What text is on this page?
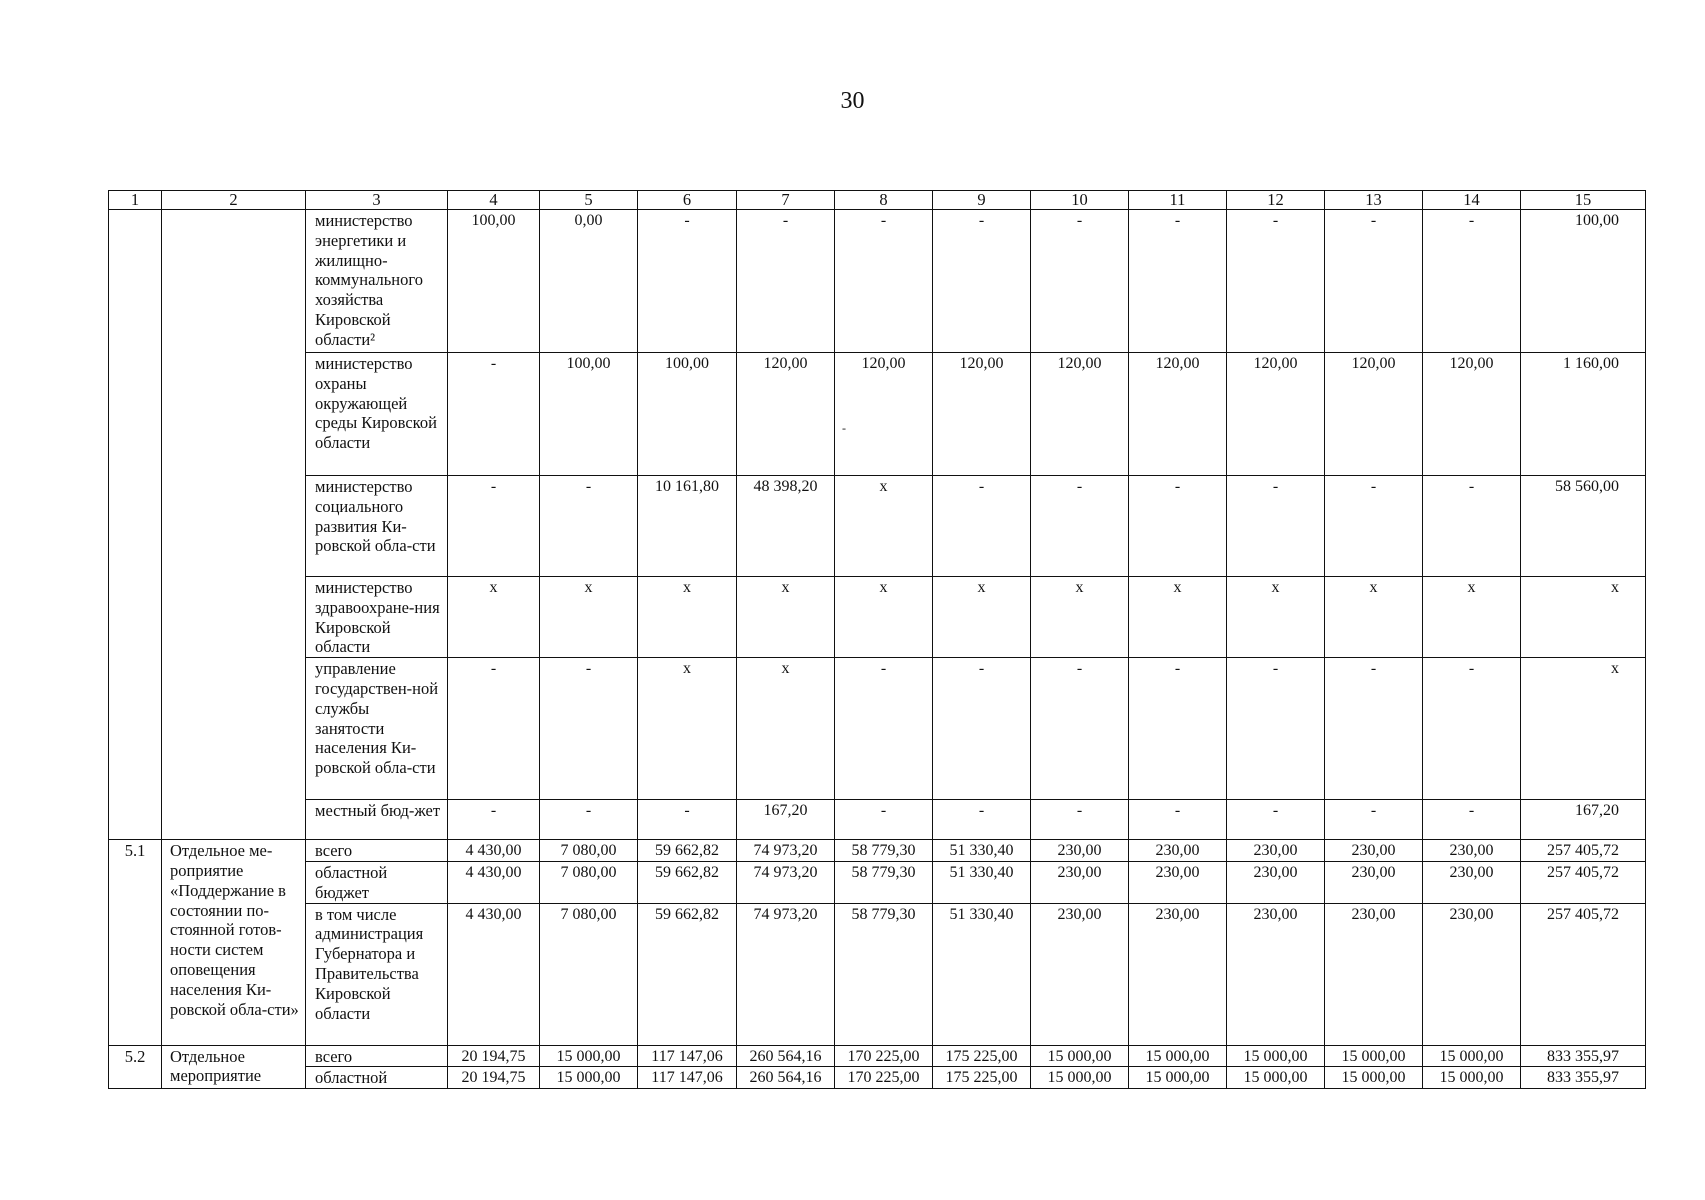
30
1	2	3	4	5	6	7	8	9	10	11	12	13	14	15
		министерство энергетики и жилищно-коммунального хозяйства Кировской области²	100,00	0,00	-	-	-	-	-	-	-	-	-	100,00
		министерство охраны окружающей среды Кировской области	-	100,00	100,00	120,00	120,00	120,00	120,00	120,00	120,00	120,00	120,00	1 160,00
		министерство социального развития Ки-ровской обла-сти	-	-	10 161,80	48 398,20	х	-	-	-	-	-	-	58 560,00
		министерство здравоохране-ния Кировской области	х	х	х	х	х	х	х	х	х	х	х	х
		управление государствен-ной службы занятости населения Ки-ровской обла-сти	-	-	х	х	-	-	-	-	-	-	-	х
		местный бюд-жет	-	-	-	167,20	-	-	-	-	-	-	-	167,20
5.1	Отдельное ме-роприятие «Поддержание в состоянии по-стоянной готов-ности систем оповещения населения Ки-ровской обла-сти»	всего	4 430,00	7 080,00	59 662,82	74 973,20	58 779,30	51 330,40	230,00	230,00	230,00	230,00	230,00	257 405,72
		областной бюджет	4 430,00	7 080,00	59 662,82	74 973,20	58 779,30	51 330,40	230,00	230,00	230,00	230,00	230,00	257 405,72
		в том числе администрация Губернатора и Правительства Кировской области	4 430,00	7 080,00	59 662,82	74 973,20	58 779,30	51 330,40	230,00	230,00	230,00	230,00	230,00	257 405,72
5.2	Отдельное мероприятие	всего	20 194,75	15 000,00	117 147,06	260 564,16	170 225,00	175 225,00	15 000,00	15 000,00	15 000,00	15 000,00	15 000,00	833 355,97
		областной	20 194,75	15 000,00	117 147,06	260 564,16	170 225,00	175 225,00	15 000,00	15 000,00	15 000,00	15 000,00	15 000,00	833 355,97
-
